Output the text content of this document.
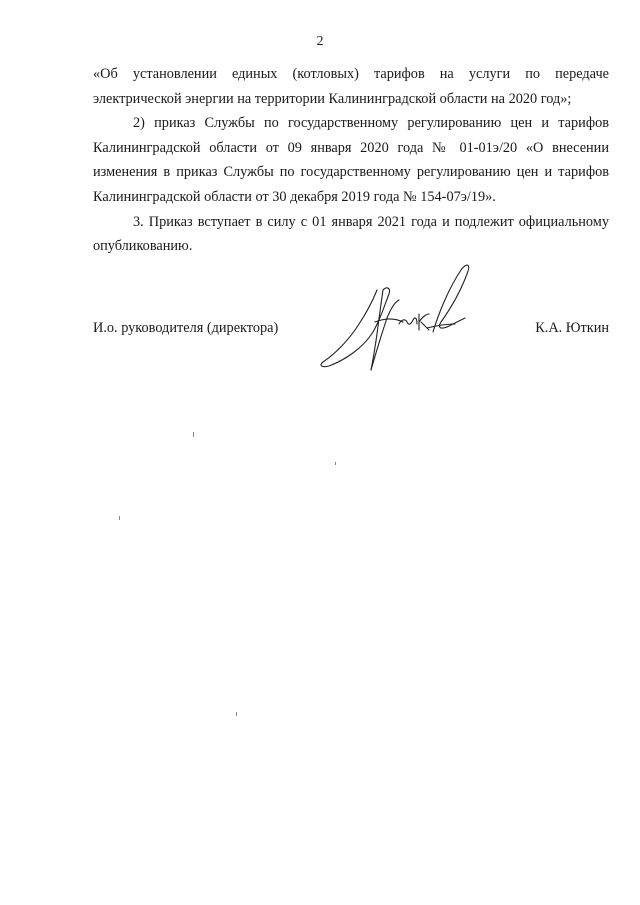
2

«Об установлении единых (котловых) тарифов на услуги по передаче электрической энергии на территории Калининградской области на 2020 год»;

2) приказ Службы по государственному регулированию цен и тарифов Калининградской области от 09 января 2020 года № 01-01э/20 «О внесении изменения в приказ Службы по государственному регулированию цен и тарифов Калининградской области от 30 декабря 2019 года № 154-07э/19».

3. Приказ вступает в силу с 01 января 2021 года и подлежит официальному опубликованию.

И.о. руководителя (директора)	К.А. Юткин
